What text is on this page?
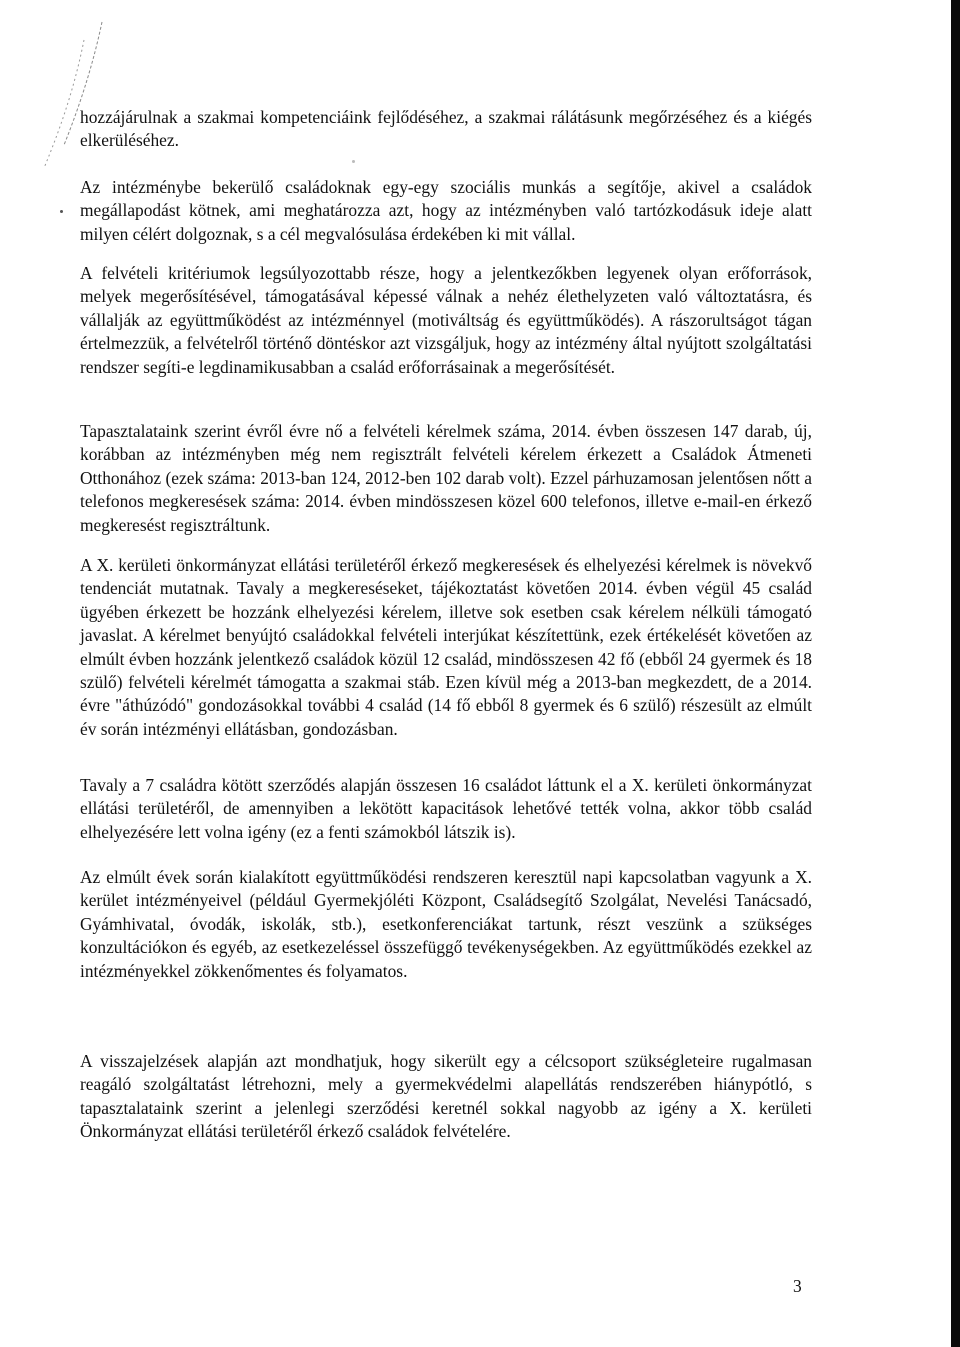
hozzájárulnak a szakmai kompetenciáink fejlődéséhez, a szakmai rálátásunk megőrzéséhez és a kiégés elkerüléséhez.

Az intézménybe bekerülő családoknak egy-egy szociális munkás a segítője, akivel a családok megállapodást kötnek, ami meghatározza azt, hogy az intézményben való tartózkodásuk ideje alatt milyen célért dolgoznak, s a cél megvalósulása érdekében ki mit vállal.

A felvételi kritériumok legsúlyozottabb része, hogy a jelentkezőkben legyenek olyan erőforrások, melyek megerősítésével, támogatásával képessé válnak a nehéz élethelyzeten való változtatásra, és vállalják az együttműködést az intézménnyel (motiváltság és együttműködés). A rászorultságot tágan értelmezzük, a felvételről történő döntéskor azt vizsgáljuk, hogy az intézmény által nyújtott szolgáltatási rendszer segíti-e legdinamikusabban a család erőforrásainak a megerősítését.

Tapasztalataink szerint évről évre nő a felvételi kérelmek száma, 2014. évben összesen 147 darab, új, korábban az intézményben még nem regisztrált felvételi kérelem érkezett a Családok Átmeneti Otthonához (ezek száma: 2013-ban 124, 2012-ben 102 darab volt). Ezzel párhuzamosan jelentősen nőtt a telefonos megkeresések száma: 2014. évben mindösszesen közel 600 telefonos, illetve e-mail-en érkező megkeresést regisztráltunk.

A X. kerületi önkormányzat ellátási területéről érkező megkeresések és elhelyezési kérelmek is növekvő tendenciát mutatnak. Tavaly a megkereséseket, tájékoztatást követően 2014. évben végül 45 család ügyében érkezett be hozzánk elhelyezési kérelem, illetve sok esetben csak kérelem nélküli támogató javaslat. A kérelmet benyújtó családokkal felvételi interjúkat készítettünk, ezek értékelését követően az elmúlt évben hozzánk jelentkező családok közül 12 család, mindösszesen 42 fő (ebből 24 gyermek és 18 szülő) felvételi kérelmét támogatta a szakmai stáb. Ezen kívül még a 2013-ban megkezdett, de a 2014. évre "áthúzódó" gondozásokkal további 4 család (14 fő ebből 8 gyermek és 6 szülő) részesült az elmúlt év során intézményi ellátásban, gondozásban.

Tavaly a 7 családra kötött szerződés alapján összesen 16 családot láttunk el a X. kerületi önkormányzat ellátási területéről, de amennyiben a lekötött kapacitások lehetővé tették volna, akkor több család elhelyezésére lett volna igény (ez a fenti számokból látszik is).

Az elmúlt évek során kialakított együttműködési rendszeren keresztül napi kapcsolatban vagyunk a X. kerület intézményeivel (például Gyermekjóléti Központ, Családsegítő Szolgálat, Nevelési Tanácsadó, Gyámhivatal, óvodák, iskolák, stb.), esetkonferenciákat tartunk, részt veszünk a szükséges konzultációkon és egyéb, az esetkezeléssel összefüggő tevékenységekben. Az együttműködés ezekkel az intézményekkel zökkenőmentes és folyamatos.

A visszajelzések alapján azt mondhatjuk, hogy sikerült egy a célcsoport szükségleteire rugalmasan reagáló szolgáltatást létrehozni, mely a gyermekvédelmi alapellátás rendszerében hiánypótló, s tapasztalataink szerint a jelenlegi szerződési keretnél sokkal nagyobb az igény a X. kerületi Önkormányzat ellátási területéről érkező családok felvételére.

3
